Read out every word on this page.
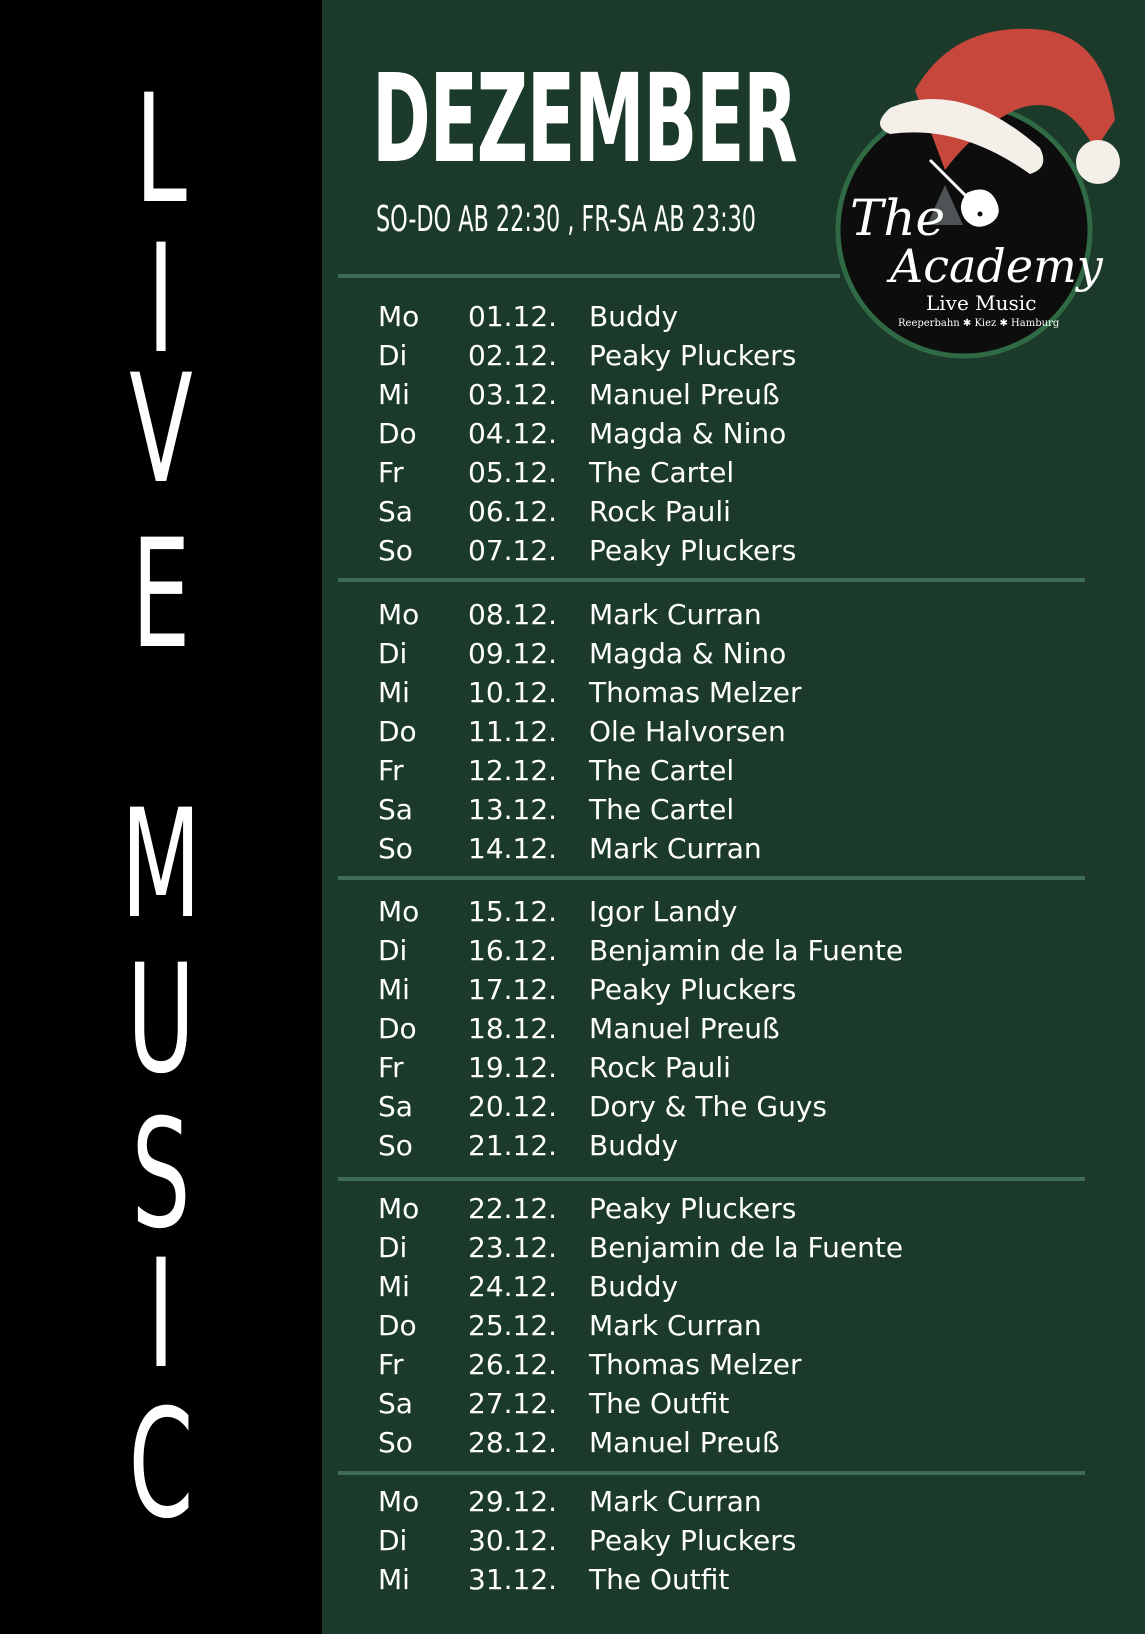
L
I
V
E
M
U
S
I
C
DEZEMBER
SO-DO AB 22:30 , FR-SA AB 23:30 The
Academy
Live Music
Reeperbahn ✱ Kiez ✱ Hamburg
Mo 01.12. Buddy
Di 02.12. Peaky Pluckers
Mi 03.12. Manuel Preuß
Do 04.12. Magda & Nino
Fr 05.12. The Cartel
Sa 06.12. Rock Pauli
So 07.12. Peaky Pluckers
Mo 08.12. Mark Curran
Di 09.12. Magda & Nino
Mi 10.12. Thomas Melzer
Do 11.12. Ole Halvorsen
Fr 12.12. The Cartel
Sa 13.12. The Cartel
So 14.12. Mark Curran
Mo 15.12. Igor Landy
Di 16.12. Benjamin de la Fuente
Mi 17.12. Peaky Pluckers
Do 18.12. Manuel Preuß
Fr 19.12. Rock Pauli
Sa 20.12. Dory & The Guys
So 21.12. Buddy
Mo 22.12. Peaky Pluckers
Di 23.12. Benjamin de la Fuente
Mi 24.12. Buddy
Do 25.12. Mark Curran
Fr 26.12. Thomas Melzer
Sa 27.12. The Outfit
So 28.12. Manuel Preuß
Mo 29.12. Mark Curran
Di 30.12. Peaky Pluckers
Mi 31.12. The Outfit
